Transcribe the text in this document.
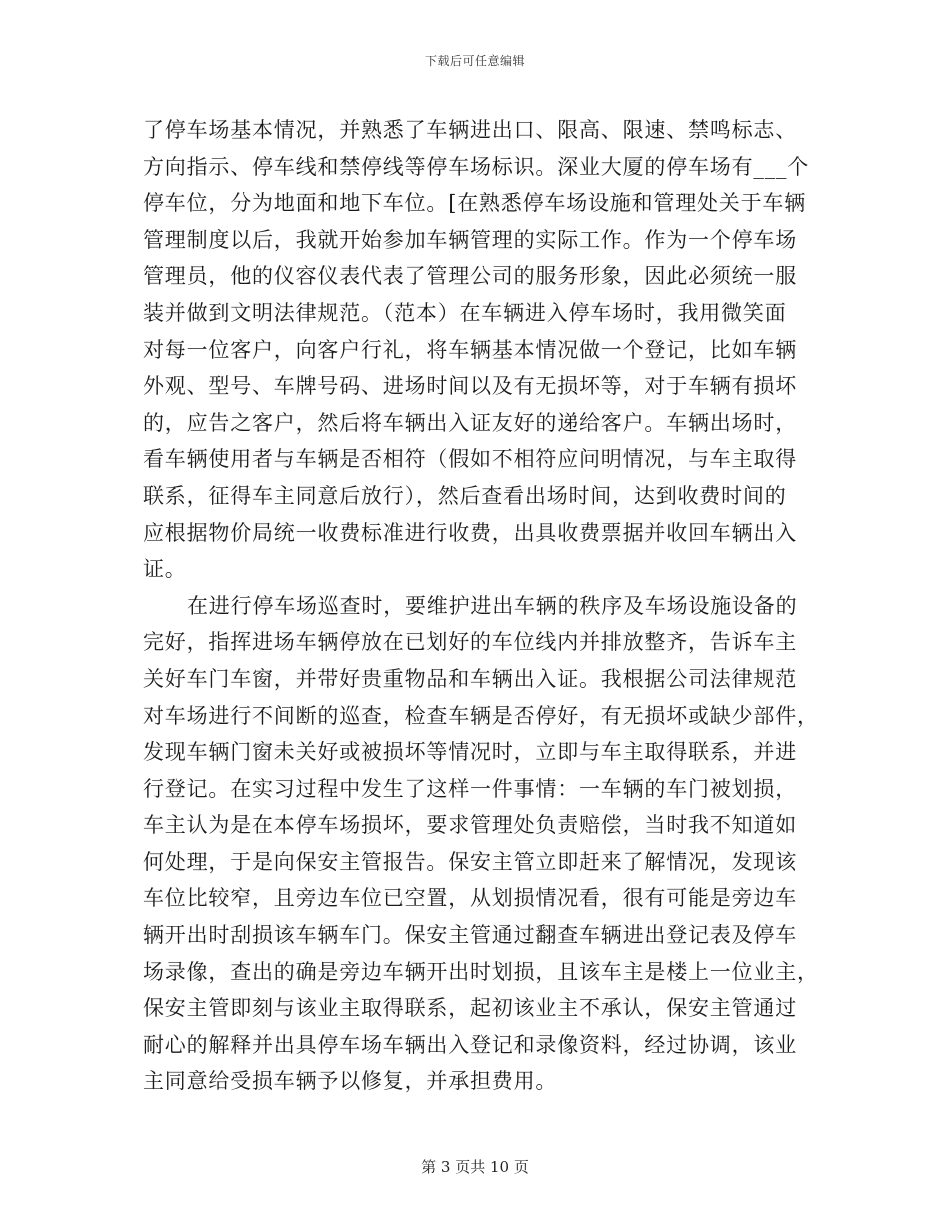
下载后可任意编辑
了停车场基本情况，并熟悉了车辆进出口、限高、限速、禁鸣标志、
方向指示、停车线和禁停线等停车场标识。深业大厦的停车场有___个
停车位，分为地面和地下车位。[在熟悉停车场设施和管理处关于车辆
管理制度以后，我就开始参加车辆管理的实际工作。作为一个停车场
管理员，他的仪容仪表代表了管理公司的服务形象，因此必须统一服
装并做到文明法律规范。（范本）在车辆进入停车场时，我用微笑面
对每一位客户，向客户行礼，将车辆基本情况做一个登记，比如车辆
外观、型号、车牌号码、进场时间以及有无损坏等，对于车辆有损坏
的，应告之客户，然后将车辆出入证友好的递给客户。车辆出场时，
看车辆使用者与车辆是否相符（假如不相符应问明情况，与车主取得
联系，征得车主同意后放行），然后查看出场时间，达到收费时间的
应根据物价局统一收费标准进行收费，出具收费票据并收回车辆出入
证。
在进行停车场巡查时，要维护进出车辆的秩序及车场设施设备的
完好，指挥进场车辆停放在已划好的车位线内并排放整齐，告诉车主
关好车门车窗，并带好贵重物品和车辆出入证。我根据公司法律规范
对车场进行不间断的巡查，检查车辆是否停好，有无损坏或缺少部件，
发现车辆门窗未关好或被损坏等情况时，立即与车主取得联系，并进
行登记。在实习过程中发生了这样一件事情：一车辆的车门被划损，
车主认为是在本停车场损坏，要求管理处负责赔偿，当时我不知道如
何处理，于是向保安主管报告。保安主管立即赶来了解情况，发现该
车位比较窄，且旁边车位已空置，从划损情况看，很有可能是旁边车
辆开出时刮损该车辆车门。保安主管通过翻查车辆进出登记表及停车
场录像，查出的确是旁边车辆开出时划损，且该车主是楼上一位业主，
保安主管即刻与该业主取得联系，起初该业主不承认，保安主管通过
耐心的解释并出具停车场车辆出入登记和录像资料，经过协调，该业
主同意给受损车辆予以修复，并承担费用。
第 3 页共 10 页
